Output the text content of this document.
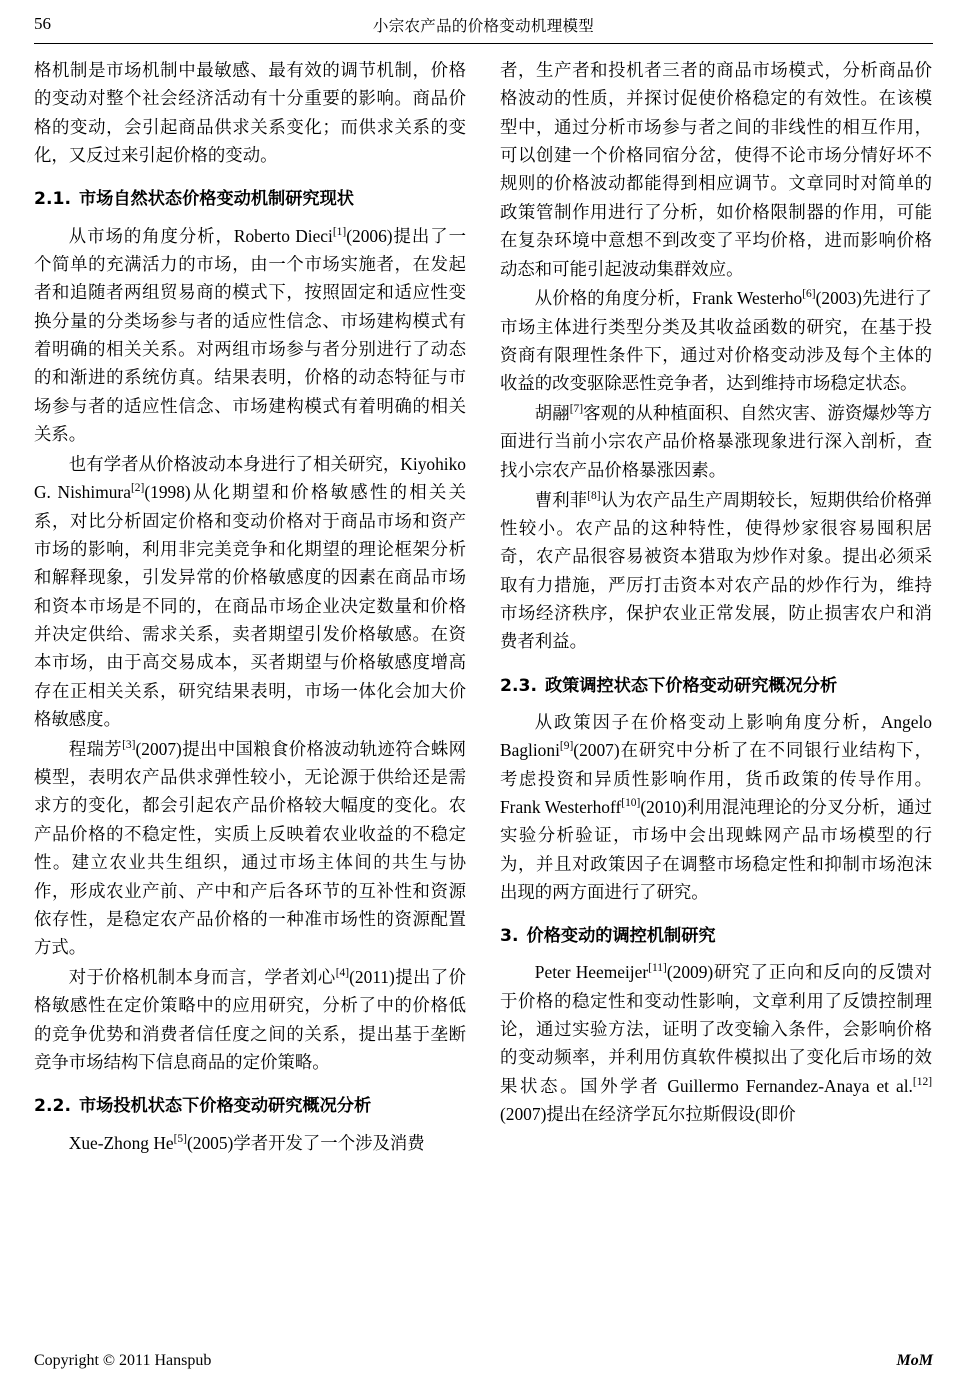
56	小宗农产品的价格变动机理模型

格机制是市场机制中最敏感、最有效的调节机制，价格的变动对整个社会经济活动有十分重要的影响。商品价格的变动，会引起商品供求关系变化；而供求关系的变化，又反过来引起价格的变动。

2.1. 市场自然状态价格变动机制研究现状

从市场的角度分析，Roberto Dieci[1](2006)提出了一个简单的充满活力的市场，由一个市场实施者，在发起者和追随者两组贸易商的模式下，按照固定和适应性变换分量的分类场参与者的适应性信念、市场建构模式有着明确的相关关系。对两组市场参与者分别进行了动态的和渐进的系统仿真。结果表明，价格的动态特征与市场参与者的适应性信念、市场建构模式有着明确的相关关系。

也有学者从价格波动本身进行了相关研究，Kiyohiko G. Nishimura[2](1998)从化期望和价格敏感性的相关关系，对比分析固定价格和变动价格对于商品市场和资产市场的影响，利用非完美竞争和化期望的理论框架分析和解释现象，引发异常的价格敏感度的因素在商品市场和资本市场是不同的，在商品市场企业决定数量和价格并决定供给、需求关系，卖者期望引发价格敏感。在资本市场，由于高交易成本，买者期望与价格敏感度增高存在正相关关系，研究结果表明，市场一体化会加大价格敏感度。

程瑞芳[3](2007)提出中国粮食价格波动轨迹符合蛛网模型，表明农产品供求弹性较小，无论源于供给还是需求方的变化，都会引起农产品价格较大幅度的变化。农产品价格的不稳定性，实质上反映着农业收益的不稳定性。建立农业共生组织，通过市场主体间的共生与协作，形成农业产前、产中和产后各环节的互补性和资源依存性，是稳定农产品价格的一种准市场性的资源配置方式。

对于价格机制本身而言，学者刘心[4](2011)提出了价格敏感性在定价策略中的应用研究，分析了中的价格低的竞争优势和消费者信任度之间的关系，提出基于垄断竞争市场结构下信息商品的定价策略。

2.2. 市场投机状态下价格变动研究概况分析

Xue-Zhong He[5](2005)学者开发了一个涉及消费

者，生产者和投机者三者的商品市场模式，分析商品价格波动的性质，并探讨促使价格稳定的有效性。在该模型中，通过分析市场参与者之间的非线性的相互作用，可以创建一个价格同宿分岔，使得不论市场分情好坏不规则的价格波动都能得到相应调节。文章同时对简单的政策管制作用进行了分析，如价格限制器的作用，可能在复杂环境中意想不到改变了平均价格，进而影响价格动态和可能引起波动集群效应。

从价格的角度分析，Frank Westerho[6](2003)先进行了市场主体进行类型分类及其收益函数的研究，在基于投资商有限理性条件下，通过对价格变动涉及每个主体的收益的改变驱除恶性竞争者，达到维持市场稳定状态。

胡翮[7]客观的从种植面积、自然灾害、游资爆炒等方面进行当前小宗农产品价格暴涨现象进行深入剖析，查找小宗农产品价格暴涨因素。

曹利菲[8]认为农产品生产周期较长，短期供给价格弹性较小。农产品的这种特性，使得炒家很容易囤积居奇，农产品很容易被资本猎取为炒作对象。提出必须采取有力措施，严厉打击资本对农产品的炒作行为，维持市场经济秩序，保护农业正常发展，防止损害农户和消费者利益。

2.3. 政策调控状态下价格变动研究概况分析

从政策因子在价格变动上影响角度分析，Angelo Baglioni[9](2007)在研究中分析了在不同银行业结构下，考虑投资和异质性影响作用，货币政策的传导作用。Frank Westerhoff[10](2010)利用混沌理论的分叉分析，通过实验分析验证，市场中会出现蛛网产品市场模型的行为，并且对政策因子在调整市场稳定性和抑制市场泡沫出现的两方面进行了研究。

3. 价格变动的调控机制研究

Peter Heemeijer[11](2009)研究了正向和反向的反馈对于价格的稳定性和变动性影响，文章利用了反馈控制理论，通过实验方法，证明了改变输入条件，会影响价格的变动频率，并利用仿真软件模拟出了变化后市场的效果状态。国外学者 Guillermo Fernandez-Anaya et al.[12](2007)提出在经济学瓦尔拉斯假设(即价

Copyright © 2011 Hanspub	MoM
